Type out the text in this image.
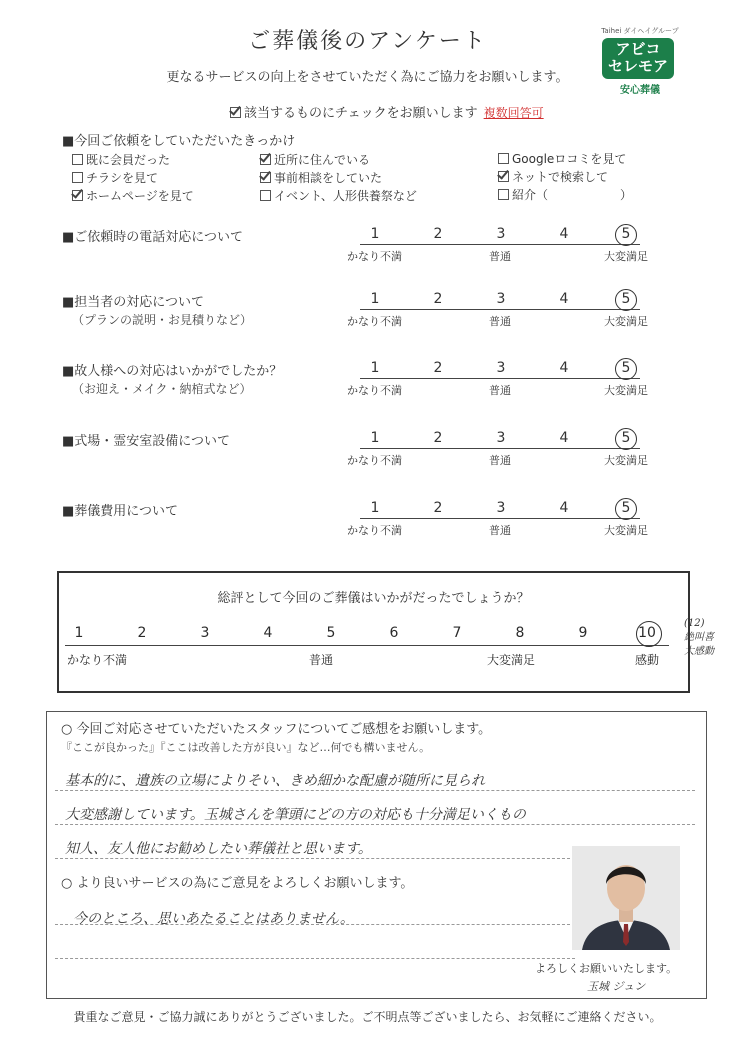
ご葬儀後のアンケート
更なるサービスの向上をさせていただく為にご協力をお願いします。
Taihei ダイヘイグループ
アビコ
セレモア
安心葬儀
該当するものにチェックをお願いします 複数回答可
■今回ご依頼をしていただいたきっかけ
既に会員だった
チラシを見て
ホームページを見て
近所に住んでいる
事前相談をしていた
イベント、人形供養祭など
Googleロコミを見て
ネットで検索して
紹介（　　　　　　）
■ご依頼時の電話対応について	1	2	3	4	5
かなり不満	普通	大変満足
■担当者の対応について
（プランの説明・お見積りなど）
1	2	3	4	5
かなり不満	普通	大変満足
■故人様への対応はいかがでしたか？
（お迎え・メイク・納棺式など）
1	2	3	4	5
かなり不満	普通	大変満足
■式場・霊安室設備について	1	2	3	4	5
かなり不満	普通	大変満足
■葬儀費用について	1	2	3	4	5
かなり不満	普通	大変満足
総評として今回のご葬儀はいかがだったでしょうか？
1	2	3	4	5	6	7	8	9	10
かなり不満	普通	大変満足	感動
(12)
絶叫喜
大感動
○ 今回ご対応させていただいたスタッフについてご感想をお願いします。
『ここが良かった』『ここは改善した方が良い』など…何でも構いません。
基本的に、遺族の立場によりそい、きめ細かな配慮が随所に見られ
大変感謝しています。玉城さんを筆頭にどの方の対応も十分満足いくもの
知人、友人他にお勧めしたい葬儀社と思います。
○ より良いサービスの為にご意見をよろしくお願いします。
今のところ、思いあたることはありません。
よろしくお願いいたします。
玉城 ジュン
貴重なご意見・ご協力誠にありがとうございました。ご不明点等ございましたら、お気軽にご連絡ください。
